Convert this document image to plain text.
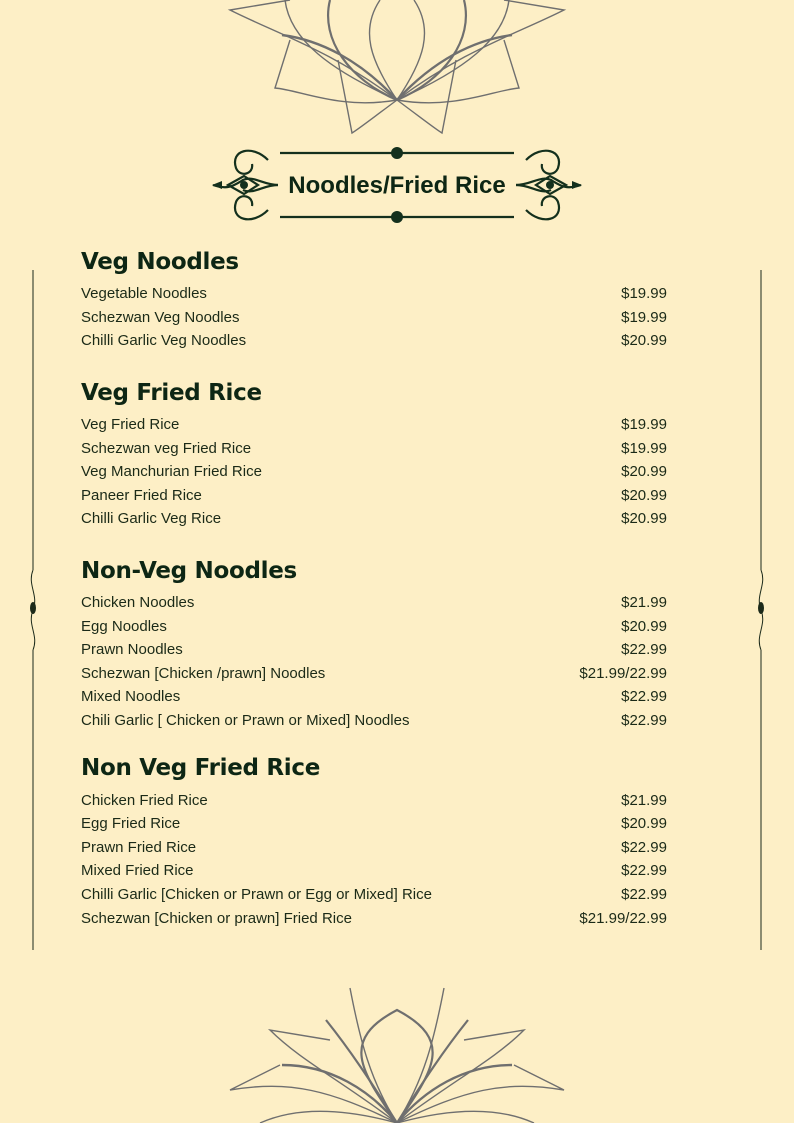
Noodles/Fried Rice
Veg Noodles
Vegetable Noodles	$19.99
Schezwan Veg Noodles	$19.99
Chilli Garlic Veg Noodles	$20.99
Veg Fried Rice
Veg Fried Rice	$19.99
Schezwan veg Fried Rice	$19.99
Veg Manchurian Fried Rice	$20.99
Paneer Fried Rice	$20.99
Chilli Garlic Veg Rice	$20.99
Non-Veg Noodles
Chicken Noodles	$21.99
Egg Noodles	$20.99
Prawn Noodles	$22.99
Schezwan [Chicken /prawn] Noodles	$21.99/22.99
Mixed Noodles	$22.99
Chili Garlic [ Chicken or Prawn or Mixed] Noodles	$22.99
Non Veg Fried Rice
Chicken Fried Rice	$21.99
Egg Fried Rice	$20.99
Prawn Fried Rice	$22.99
Mixed Fried Rice	$22.99
Chilli Garlic [Chicken or Prawn or Egg or Mixed] Rice	$22.99
Schezwan [Chicken or prawn] Fried Rice	$21.99/22.99
